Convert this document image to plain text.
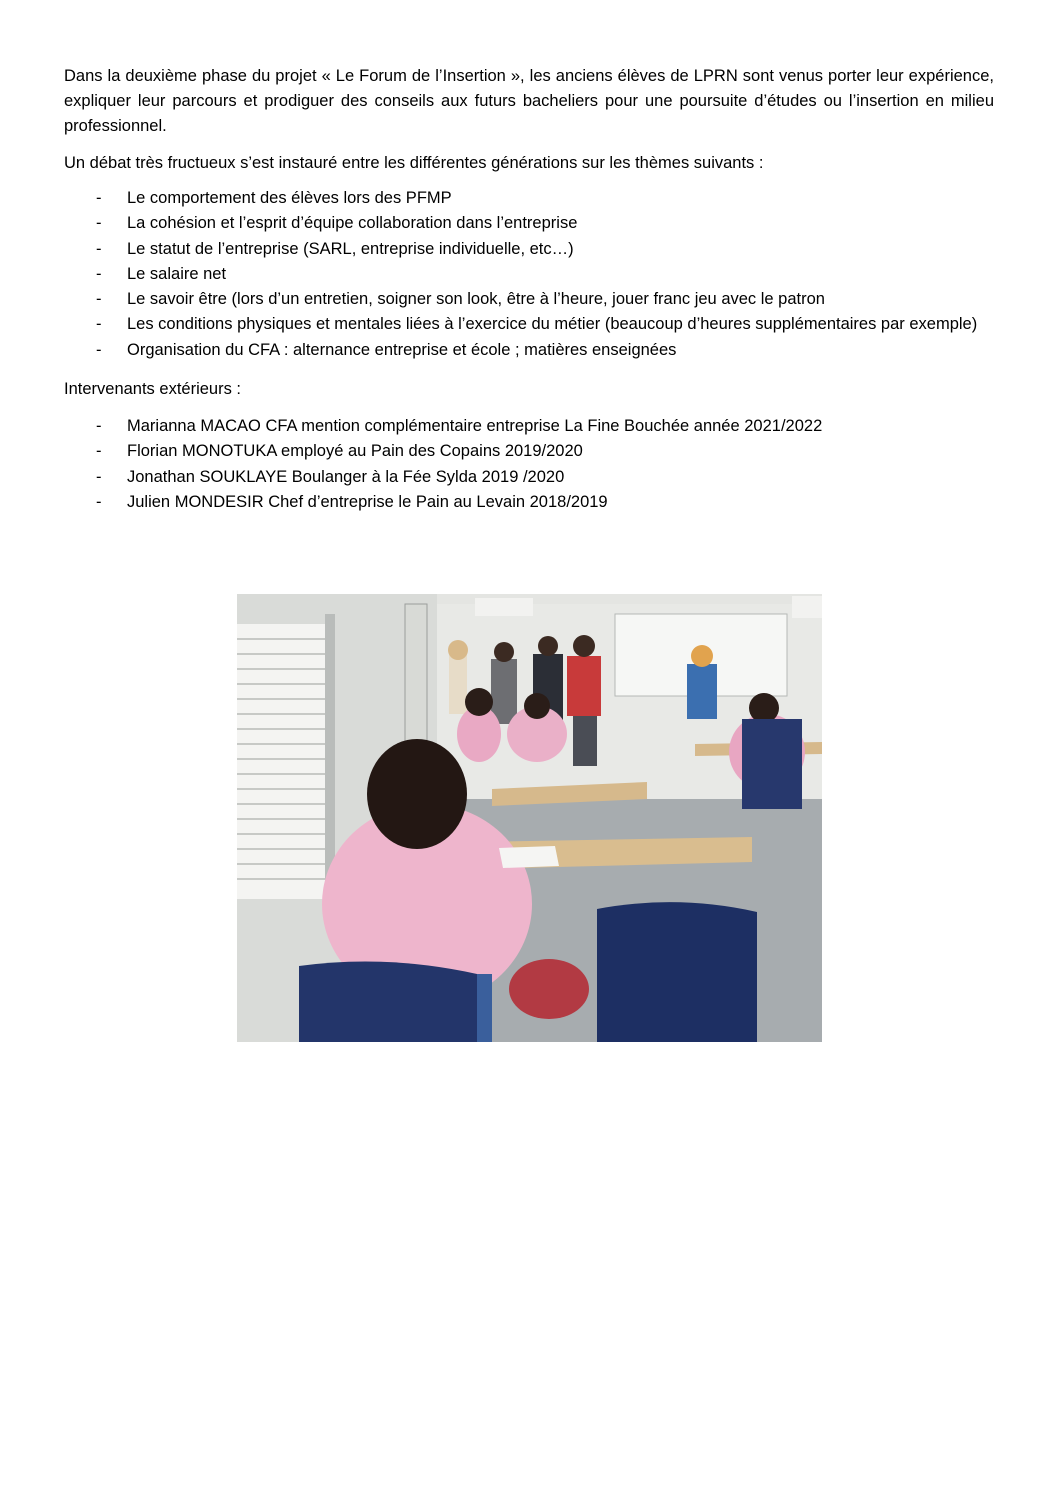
Dans la deuxième phase du projet « Le Forum de l’Insertion », les anciens élèves de LPRN sont venus porter leur expérience, expliquer leur parcours et prodiguer des conseils aux futurs bacheliers pour une poursuite d’études ou l’insertion en milieu professionnel.

Un débat très fructueux s’est instauré entre les différentes générations sur les thèmes suivants :

- Le comportement des élèves lors des PFMP
- La cohésion et l’esprit d’équipe collaboration dans l’entreprise
- Le statut de l’entreprise (SARL, entreprise individuelle, etc…)
- Le salaire net
- Le savoir être (lors d’un entretien, soigner son look, être à l’heure, jouer franc jeu avec le patron
- Les conditions physiques et mentales liées à l’exercice du métier (beaucoup d’heures supplémentaires par exemple)
- Organisation du CFA : alternance entreprise et école ; matières enseignées

Intervenants extérieurs :

- Marianna MACAO CFA mention complémentaire entreprise La Fine Bouchée année 2021/2022
- Florian MONOTUKA employé au Pain des Copains 2019/2020
- Jonathan SOUKLAYE Boulanger à la Fée Sylda 2019 /2020
- Julien MONDESIR Chef d’entreprise le Pain au Levain 2018/2019
